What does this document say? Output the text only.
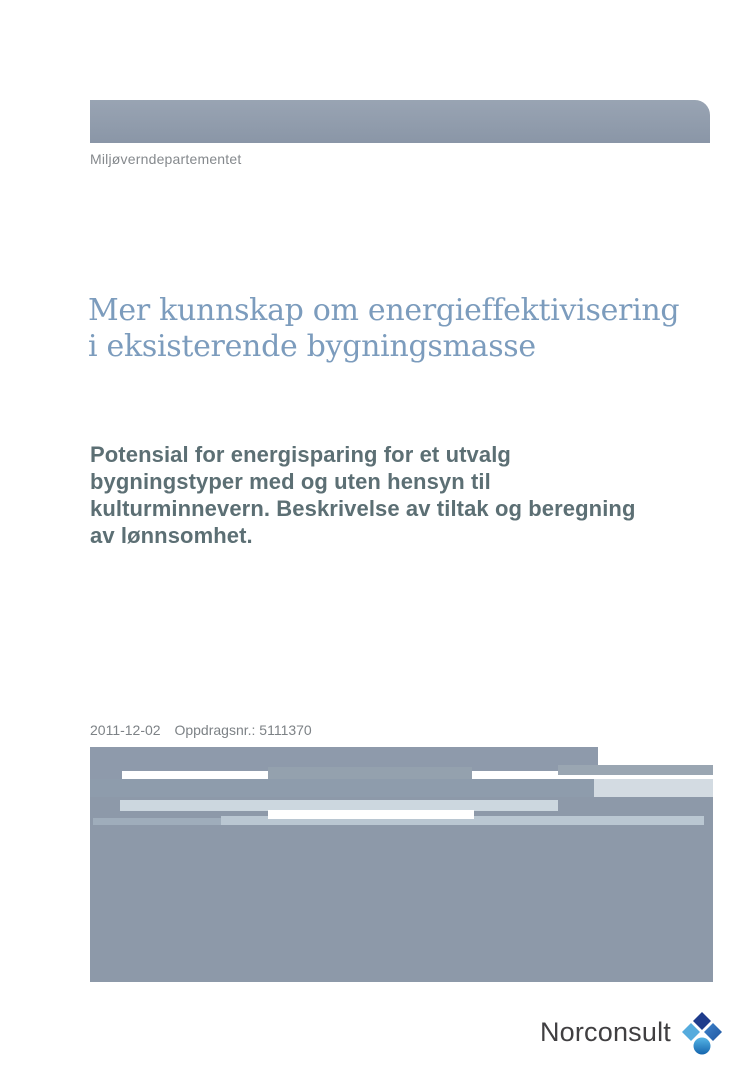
Miljøverndepartementet
Mer kunnskap om energieffektivisering
i eksisterende bygningsmasse
Potensial for energisparing for et utvalg
bygningstyper med og uten hensyn til
kulturminnevern. Beskrivelse av tiltak og beregning
av lønnsomhet.
2011-12-02 Oppdragsnr.: 5111370
Norconsult
